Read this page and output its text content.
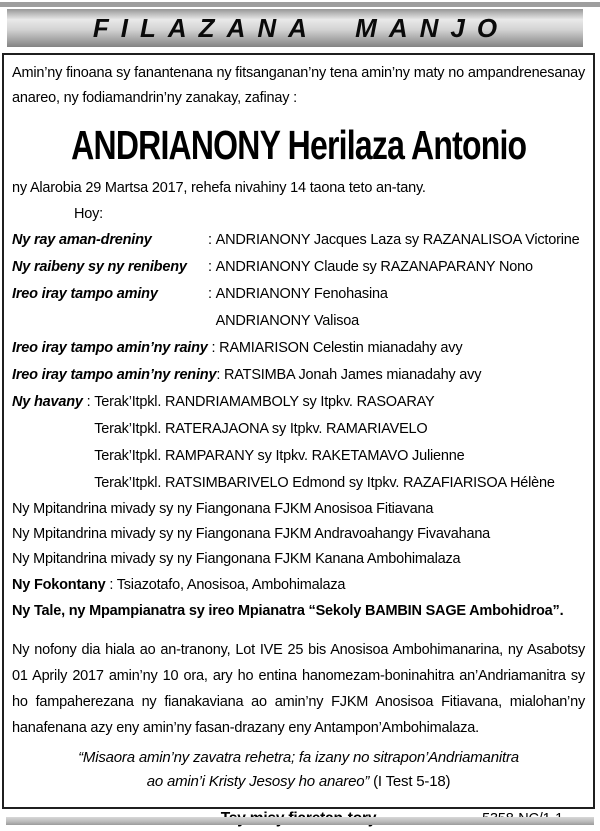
FILAZANA MANJO
Amin’ny finoana sy fanantenana ny fitsanganan’ny tena amin’ny maty no ampandrenesanay anareo, ny fodiamandrin’ny zanakay, zafinay :
ANDRIANONY Herilaza Antonio
ny Alarobia 29 Martsa 2017, rehefa nivahiny 14 taona teto an-tany.
Hoy:
Ny ray aman-dreniny	: ANDRIANONY Jacques Laza sy RAZANALISOA Victorine
Ny raibeny sy ny renibeny	: ANDRIANONY Claude sy RAZANAPARANY Nono
Ireo iray tampo aminy	: ANDRIANONY Fenohasina
ANDRIANONY Valisoa
Ireo iray tampo amin’ny rainy : RAMIARISON Celestin mianadahy avy
Ireo iray tampo amin’ny reniny : RATSIMBA Jonah James mianadahy avy
Ny havany : Terak’Itpkl. RANDRIAMAMBOLY sy Itpkv. RASOARAY
Terak’Itpkl. RATERAJAONA sy Itpkv. RAMARIAVELO
Terak’Itpkl. RAMPARANY sy Itpkv. RAKETAMAVO Julienne
Terak’Itpkl. RATSIMBARIVELO Edmond sy Itpkv. RAZAFIARISOA Hélène
Ny Mpitandrina mivady sy ny Fiangonana FJKM Anosisoa Fitiavana
Ny Mpitandrina mivady sy ny Fiangonana FJKM Andravoahangy Fivavahana
Ny Mpitandrina mivady sy ny Fiangonana FJKM Kanana Ambohimalaza
Ny Fokontany : Tsiazotafo, Anosisoa, Ambohimalaza
Ny Tale, ny Mpampianatra sy ireo Mpianatra “Sekoly BAMBIN SAGE Ambohidroa”.
Ny nofony dia hiala ao an-tranony, Lot IVE 25 bis Anosisoa Ambohimanarina, ny Asabotsy 01 Aprily 2017 amin’ny 10 ora, ary ho entina hanomezam-boninahitra an’Andriamanitra sy ho fampaherezana ny fianakaviana ao amin’ny FJKM Anosisoa Fitiavana, mialohan’ny hanafenana azy eny amin’ny fasan-drazany eny Antampon’Ambohimalaza.
“Misaora amin’ny zavatra rehetra; fa izany no sitrapon’Andriamanitra
ao amin’i Kristy Jesosy ho anareo” (I Test 5-18)
